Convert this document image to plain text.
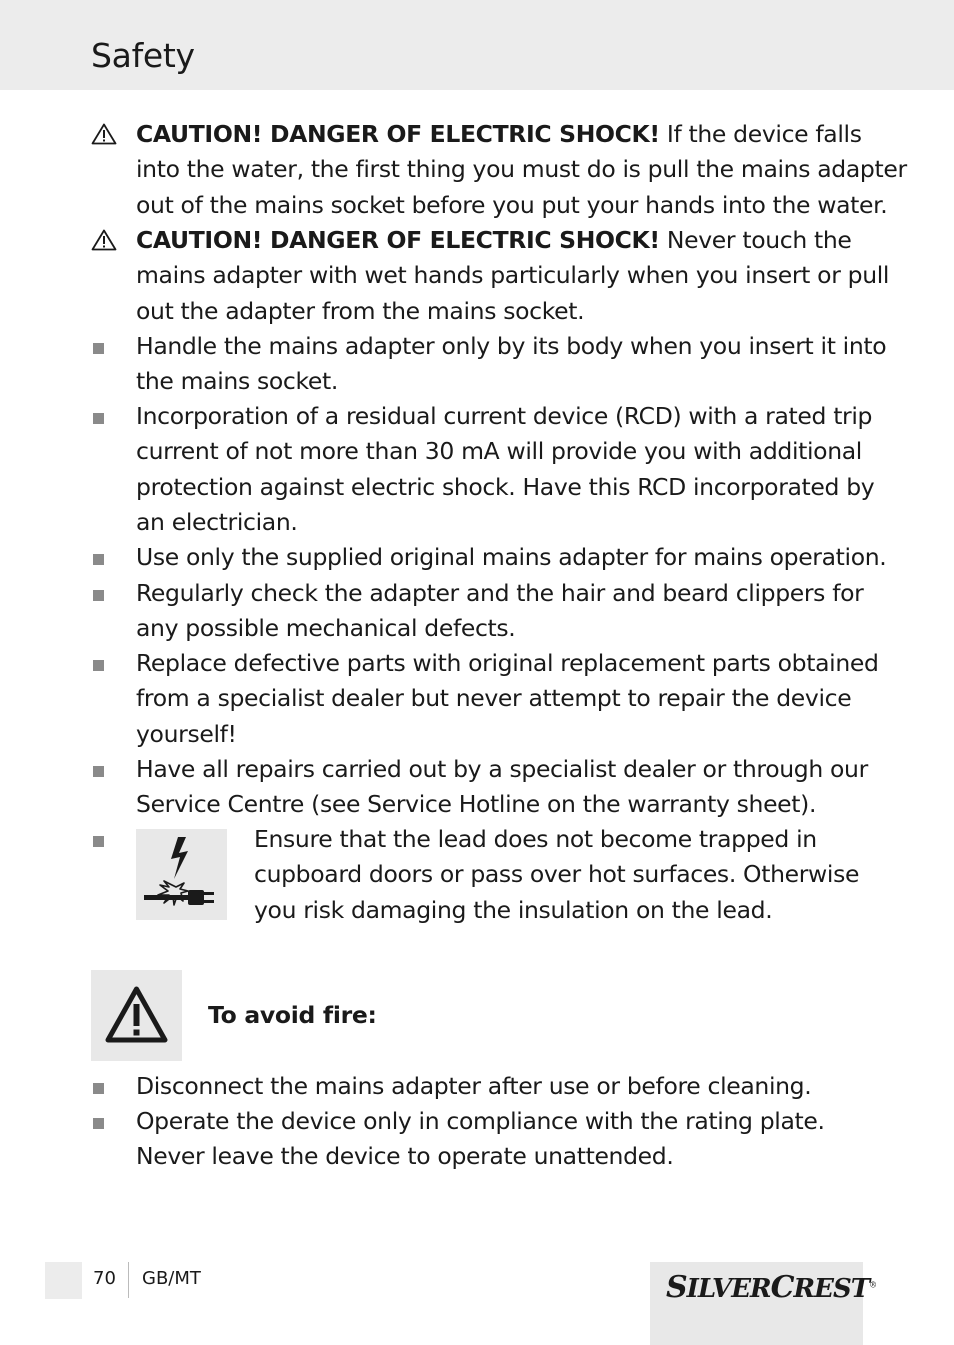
Safety
CAUTION! DANGER OF ELECTRIC SHOCK! If the device falls
into the water, the first thing you must do is pull the mains adapter
out of the mains socket before you put your hands into the water.
CAUTION! DANGER OF ELECTRIC SHOCK! Never touch the
mains adapter with wet hands particularly when you insert or pull
out the adapter from the mains socket.
Handle the mains adapter only by its body when you insert it into
the mains socket.
Incorporation of a residual current device (RCD) with a rated trip
current of not more than 30 mA will provide you with additional
protection against electric shock. Have this RCD incorporated by
an electrician.
Use only the supplied original mains adapter for mains operation.
Regularly check the adapter and the hair and beard clippers for
any possible mechanical defects.
Replace defective parts with original replacement parts obtained
from a specialist dealer but never attempt to repair the device
yourself!
Have all repairs carried out by a specialist dealer or through our
Service Centre (see Service Hotline on the warranty sheet).
Ensure that the lead does not become trapped in
cupboard doors or pass over hot surfaces. Otherwise
you risk damaging the insulation on the lead.
To avoid fire:
Disconnect the mains adapter after use or before cleaning.
Operate the device only in compliance with the rating plate.
Never leave the device to operate unattended.
70 GB/MT	SILVERCREST®
